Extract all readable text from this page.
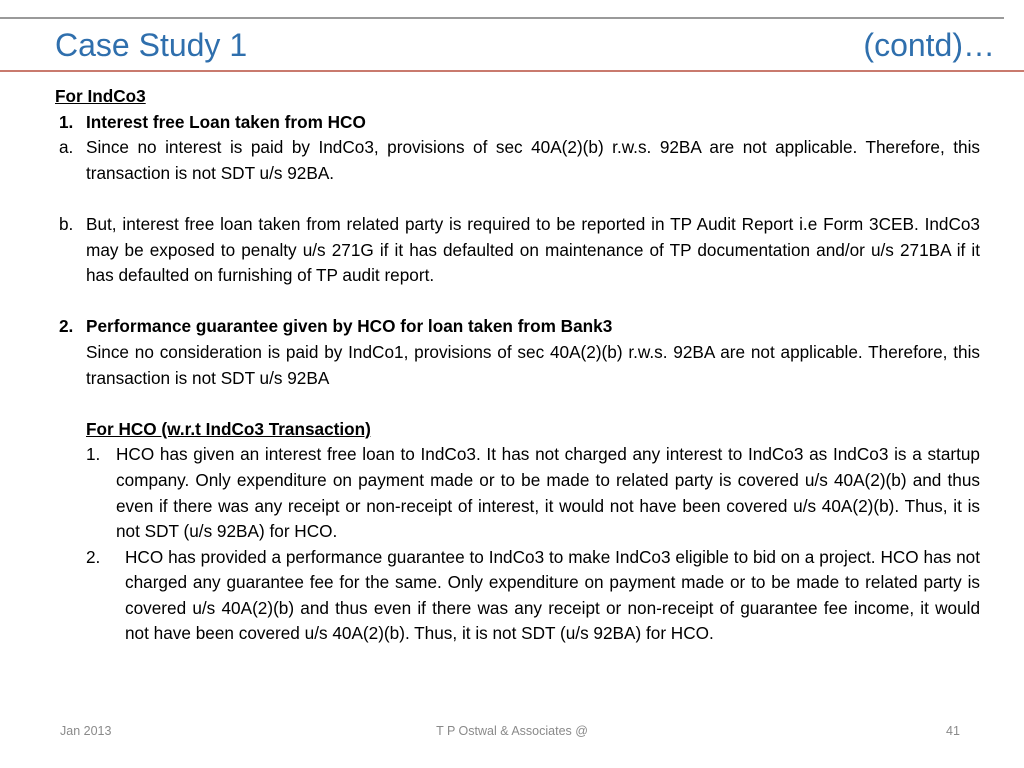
Case Study 1	(contd)…
For IndCo3
1. Interest free Loan taken from HCO
a. Since no interest is paid by IndCo3, provisions of sec 40A(2)(b) r.w.s. 92BA are not applicable. Therefore, this transaction is not SDT u/s 92BA.
b. But, interest free loan taken from related party is required to be reported in TP Audit Report i.e Form 3CEB. IndCo3 may be exposed to penalty u/s 271G if it has defaulted on maintenance of TP documentation and/or u/s 271BA if it has defaulted on furnishing of TP audit report.
2. Performance guarantee given by HCO for loan taken from Bank3
Since no consideration is paid by IndCo1, provisions of sec 40A(2)(b) r.w.s. 92BA are not applicable. Therefore, this transaction is not SDT u/s 92BA
For HCO (w.r.t IndCo3 Transaction)
1. HCO has given an interest free loan to IndCo3. It has not charged any interest to IndCo3 as IndCo3 is a startup company. Only expenditure on payment made or to be made to related party is covered u/s 40A(2)(b) and thus even if there was any receipt or non-receipt of interest, it would not have been covered u/s 40A(2)(b). Thus, it is not SDT (u/s 92BA) for HCO.
2.	HCO has provided a performance guarantee to IndCo3 to make IndCo3 eligible to bid on a project. HCO has not charged any guarantee fee for the same. Only expenditure on payment made or to be made to related party is covered u/s 40A(2)(b) and thus even if there was any receipt or non-receipt of guarantee fee income, it would not have been covered u/s 40A(2)(b). Thus, it is not SDT (u/s 92BA) for HCO.
Jan 2013	T P Ostwal & Associates @	41
